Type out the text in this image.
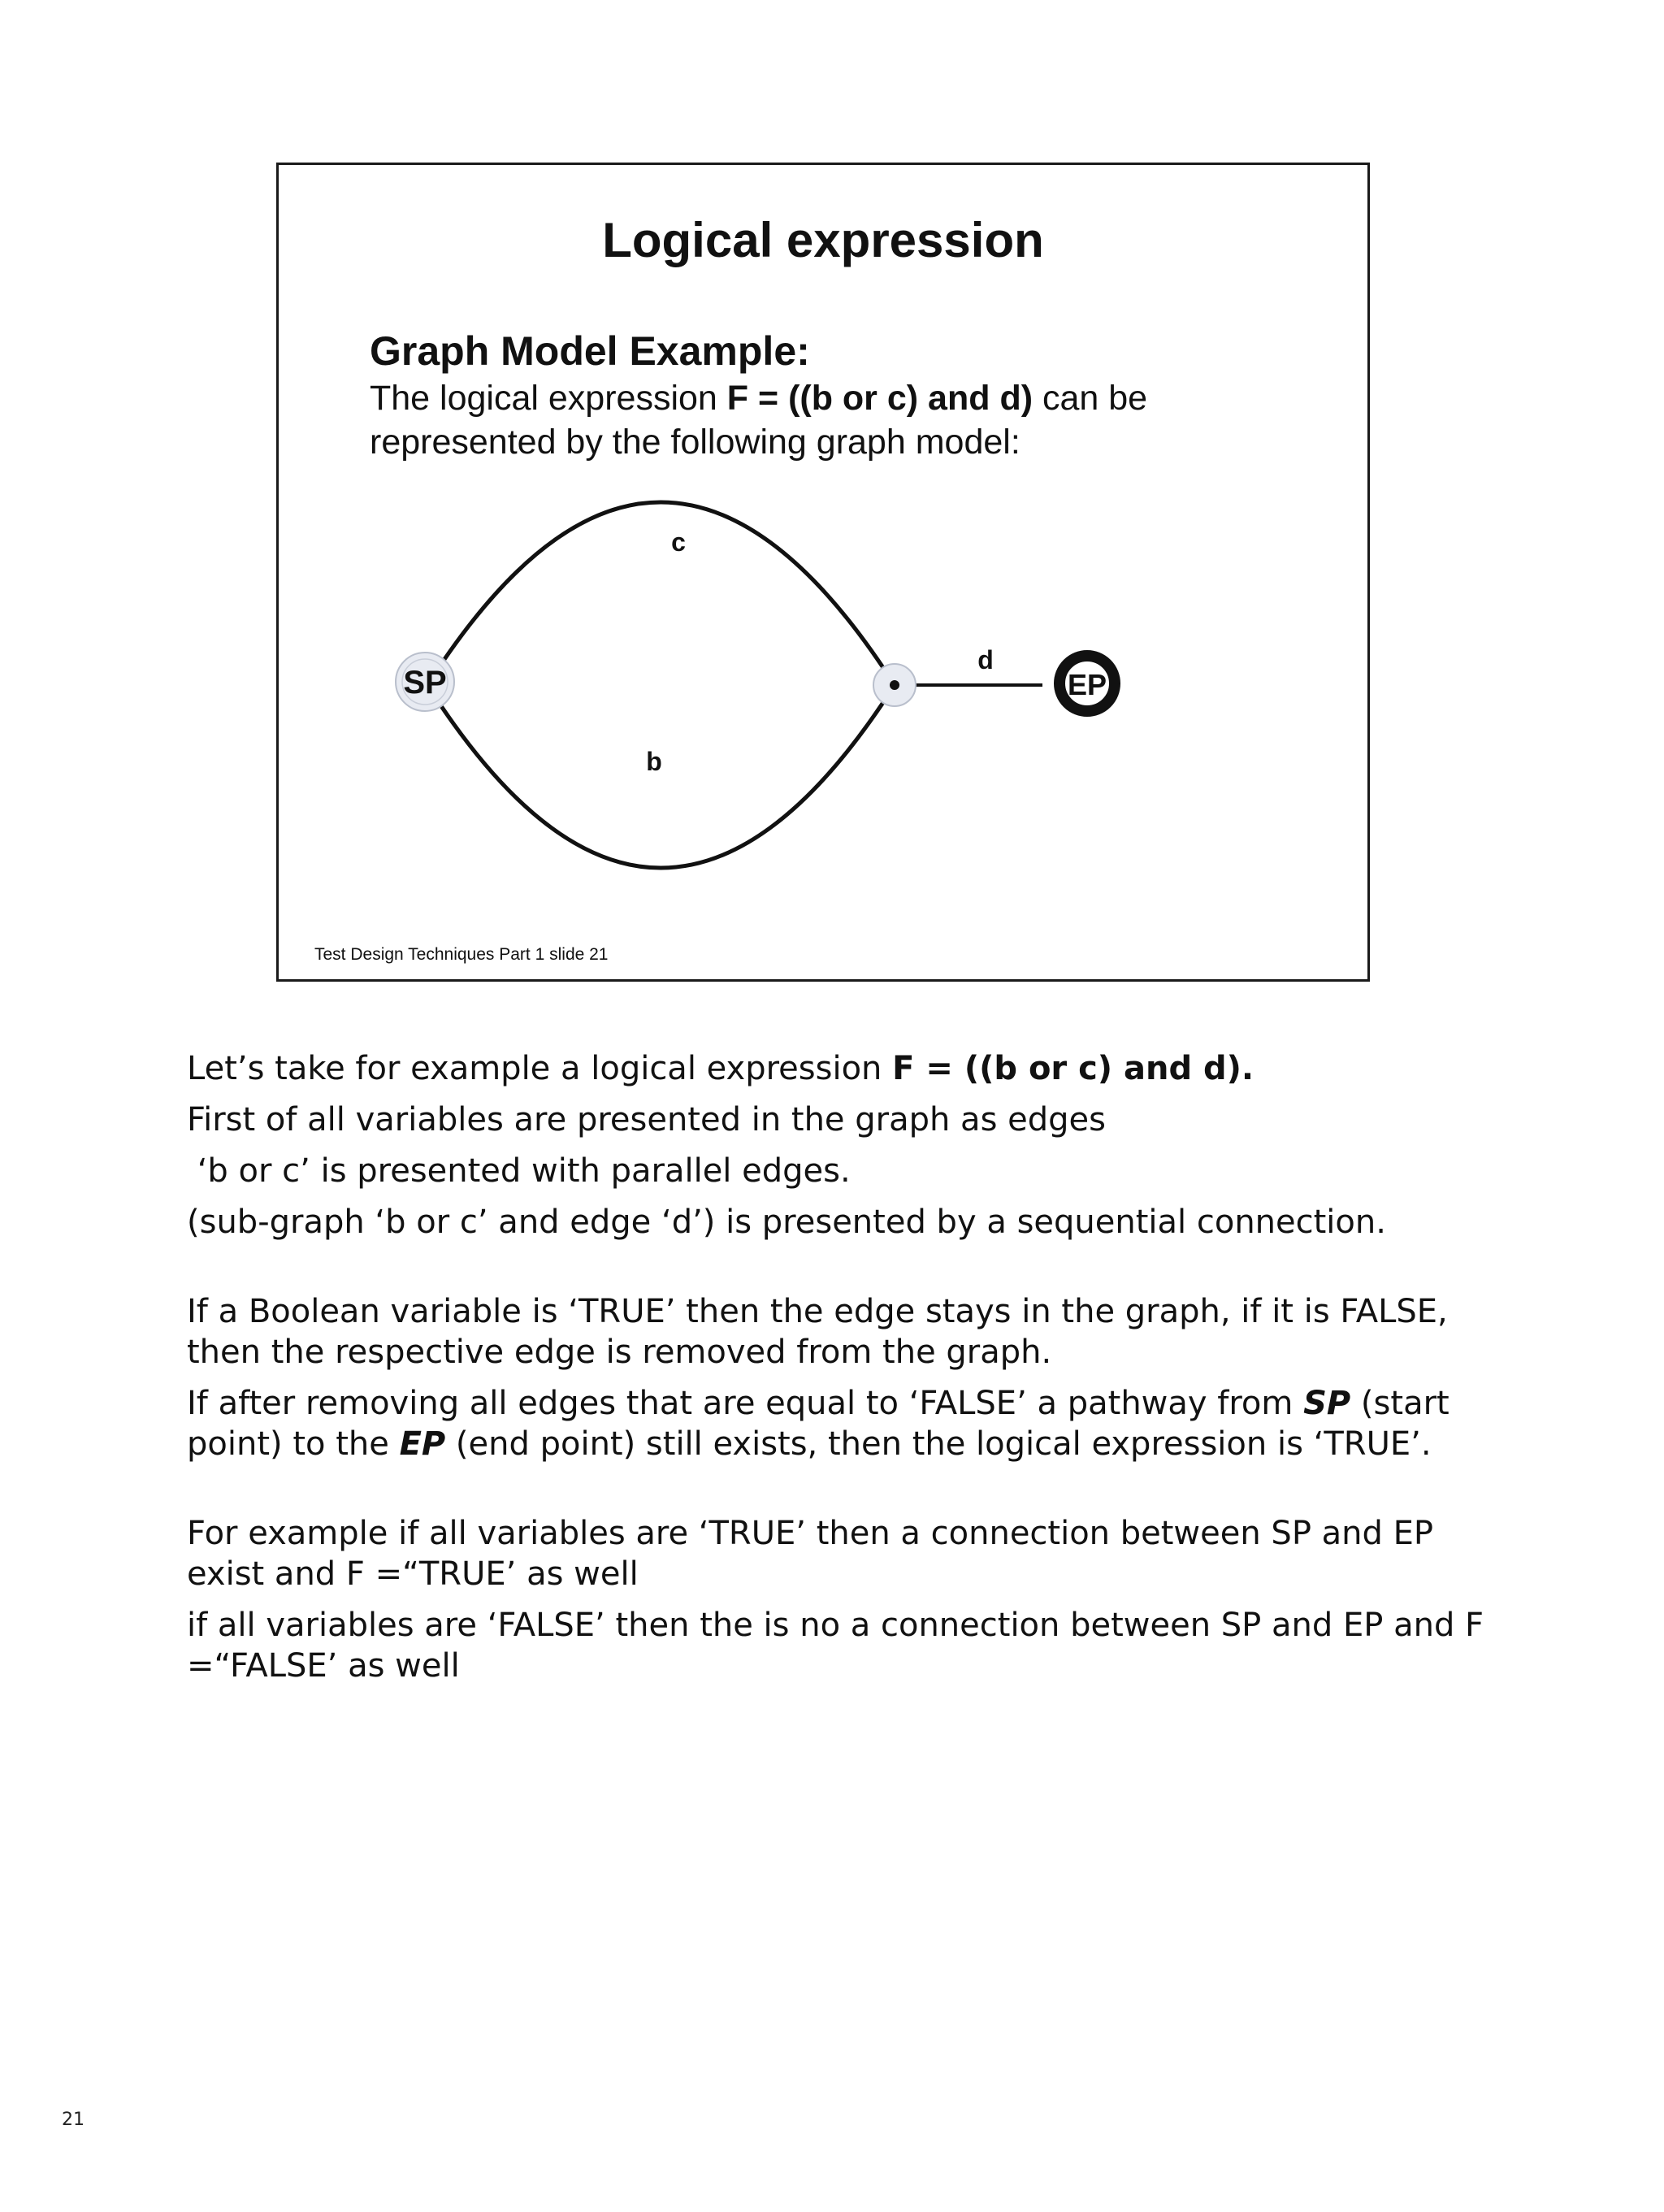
Logical expression
Graph Model Example:
The logical expression F = ((b or c) and d) can be
represented by the following graph model:
SP	EP
c
b
d
Test Design Techniques Part 1 slide 21

Let’s take for example a logical expression F = ((b or c) and d).

First of all variables are presented in the graph as edges

‘b or c’ is presented with parallel edges.

(sub-graph ‘b or c’ and edge ‘d’) is presented by a sequential connection.

If a Boolean variable is ‘TRUE’ then the edge stays in the graph, if it is FALSE, then the respective edge is removed from the graph.

If after removing all edges that are equal to ‘FALSE’ a pathway from SP (start point) to the EP (end point) still exists, then the logical expression is ‘TRUE’.

For example if all variables are ‘TRUE’ then a connection between SP and EP exist and F =“TRUE’ as well

if all variables are ‘FALSE’ then the is no a connection between SP and EP and F =“FALSE’ as well

21
